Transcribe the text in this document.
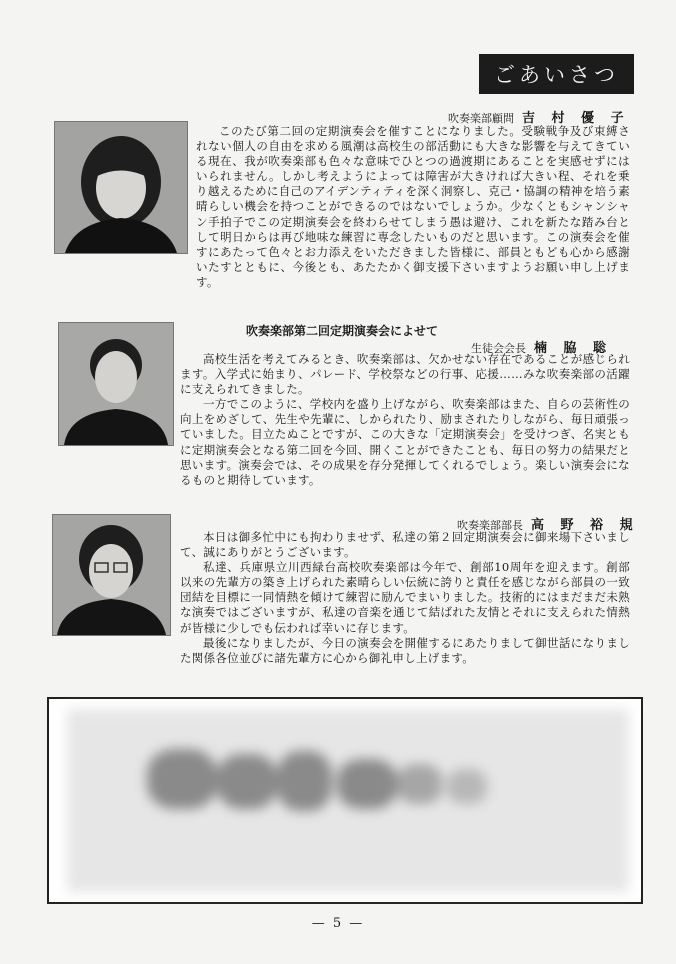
ごあいさつ
吹奏楽部顧問 吉 村 優 子

このたび第二回の定期演奏会を催すことになりました。受験戦争及び束縛されない個人の自由を求める風潮は高校生の部活動にも大きな影響を与えてきている現在、我が吹奏楽部も色々な意味でひとつの過渡期にあることを実感せずにはいられません。しかし考えようによっては障害が大きければ大きい程、それを乗り越えるために自己のアイデンティティを深く洞察し、克己・協調の精神を培う素晴らしい機会を持つことができるのではないでしょうか。少なくともシャンシャン手拍子でこの定期演奏会を終わらせてしまう愚は避け、これを新たな踏み台として明日からは再び地味な練習に専念したいものだと思います。この演奏会を催すにあたって色々とお力添えをいただきました皆様に、部員ともども心から感謝いたすとともに、今後とも、あたたかく御支援下さいますようお願い申し上げます。

吹奏楽部第二回定期演奏会によせて
生徒会会長 楠 脇 聡

高校生活を考えてみるとき、吹奏楽部は、欠かせない存在であることが感じられます。入学式に始まり、パレード、学校祭などの行事、応援……みな吹奏楽部の活躍に支えられてきました。

一方でこのように、学校内を盛り上げながら、吹奏楽部はまた、自らの芸術性の向上をめざして、先生や先輩に、しかられたり、励まされたりしながら、毎日頑張っていました。目立たぬことですが、この大きな「定期演奏会」を受けつぎ、名実ともに定期演奏会となる第二回を今回、開くことができたことも、毎日の努力の結果だと思います。演奏会では、その成果を存分発揮してくれるでしょう。楽しい演奏会になるものと期待しています。

吹奏楽部部長 高 野 裕 規

本日は御多忙中にも拘わりませず、私達の第２回定期演奏会に御来場下さいまして、誠にありがとうございます。

私達、兵庫県立川西緑台高校吹奏楽部は今年で、創部10周年を迎えます。創部以来の先輩方の築き上げられた素晴らしい伝統に誇りと責任を感じながら部員の一致団結を目標に一同情熱を傾けて練習に励んでまいりました。技術的にはまだまだ未熟な演奏ではございますが、私達の音楽を通じて結ばれた友情とそれに支えられた情熱が皆様に少しでも伝われば幸いに存じます。

最後になりましたが、今日の演奏会を開催するにあたりまして御世話になりました関係各位並びに諸先輩方に心から御礼申し上げます。

— 5 —
